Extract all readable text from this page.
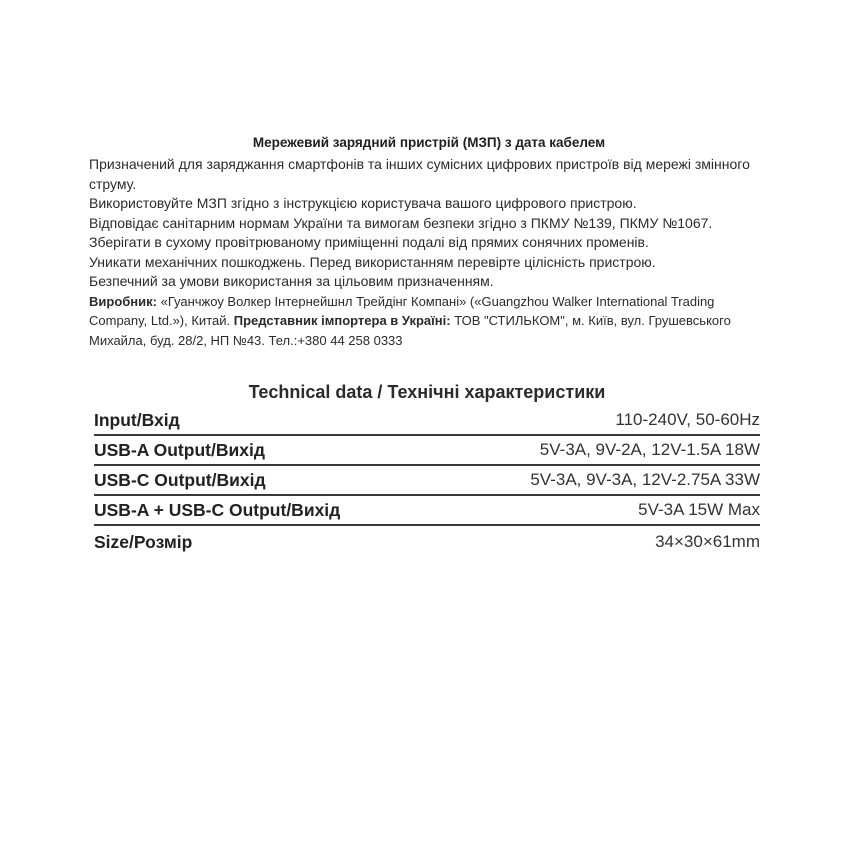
Мережевий зарядний пристрій (МЗП) з дата кабелем

Призначений для заряджання смартфонів та інших сумісних цифрових пристроїв від мережі змінного струму.

Використовуйте МЗП згідно з інструкцією користувача вашого цифрового пристрою.

Відповідає санітарним нормам України та вимогам безпеки згідно з ПКМУ №139, ПКМУ №1067.

Зберігати в сухому провітрюваному приміщенні подалі від прямих сонячних променів.

Уникати механічних пошкоджень. Перед використанням перевірте цілісність пристрою.

Безпечний за умови використання за цільовим призначенням.

Виробник: «Гуанчжоу Волкер Інтернейшнл Трейдінг Компані» («Guangzhou Walker International Trading Company, Ltd.»), Китай. Представник імпортера в Україні: ТОВ "СТИЛЬКОМ", м. Київ, вул. Грушевського Михайла, буд. 28/2, НП №43. Тел.:+380 44 258 0333

Technical data / Технічні характеристики
Input/Вхід	110-240V, 50-60Hz
USB-A Output/Вихід	5V-3A, 9V-2A, 12V-1.5A 18W
USB-C Output/Вихід	5V-3A, 9V-3A, 12V-2.75A 33W
USB-A + USB-C Output/Вихід	5V-3A 15W Max
Size/Розмір	34×30×61mm
